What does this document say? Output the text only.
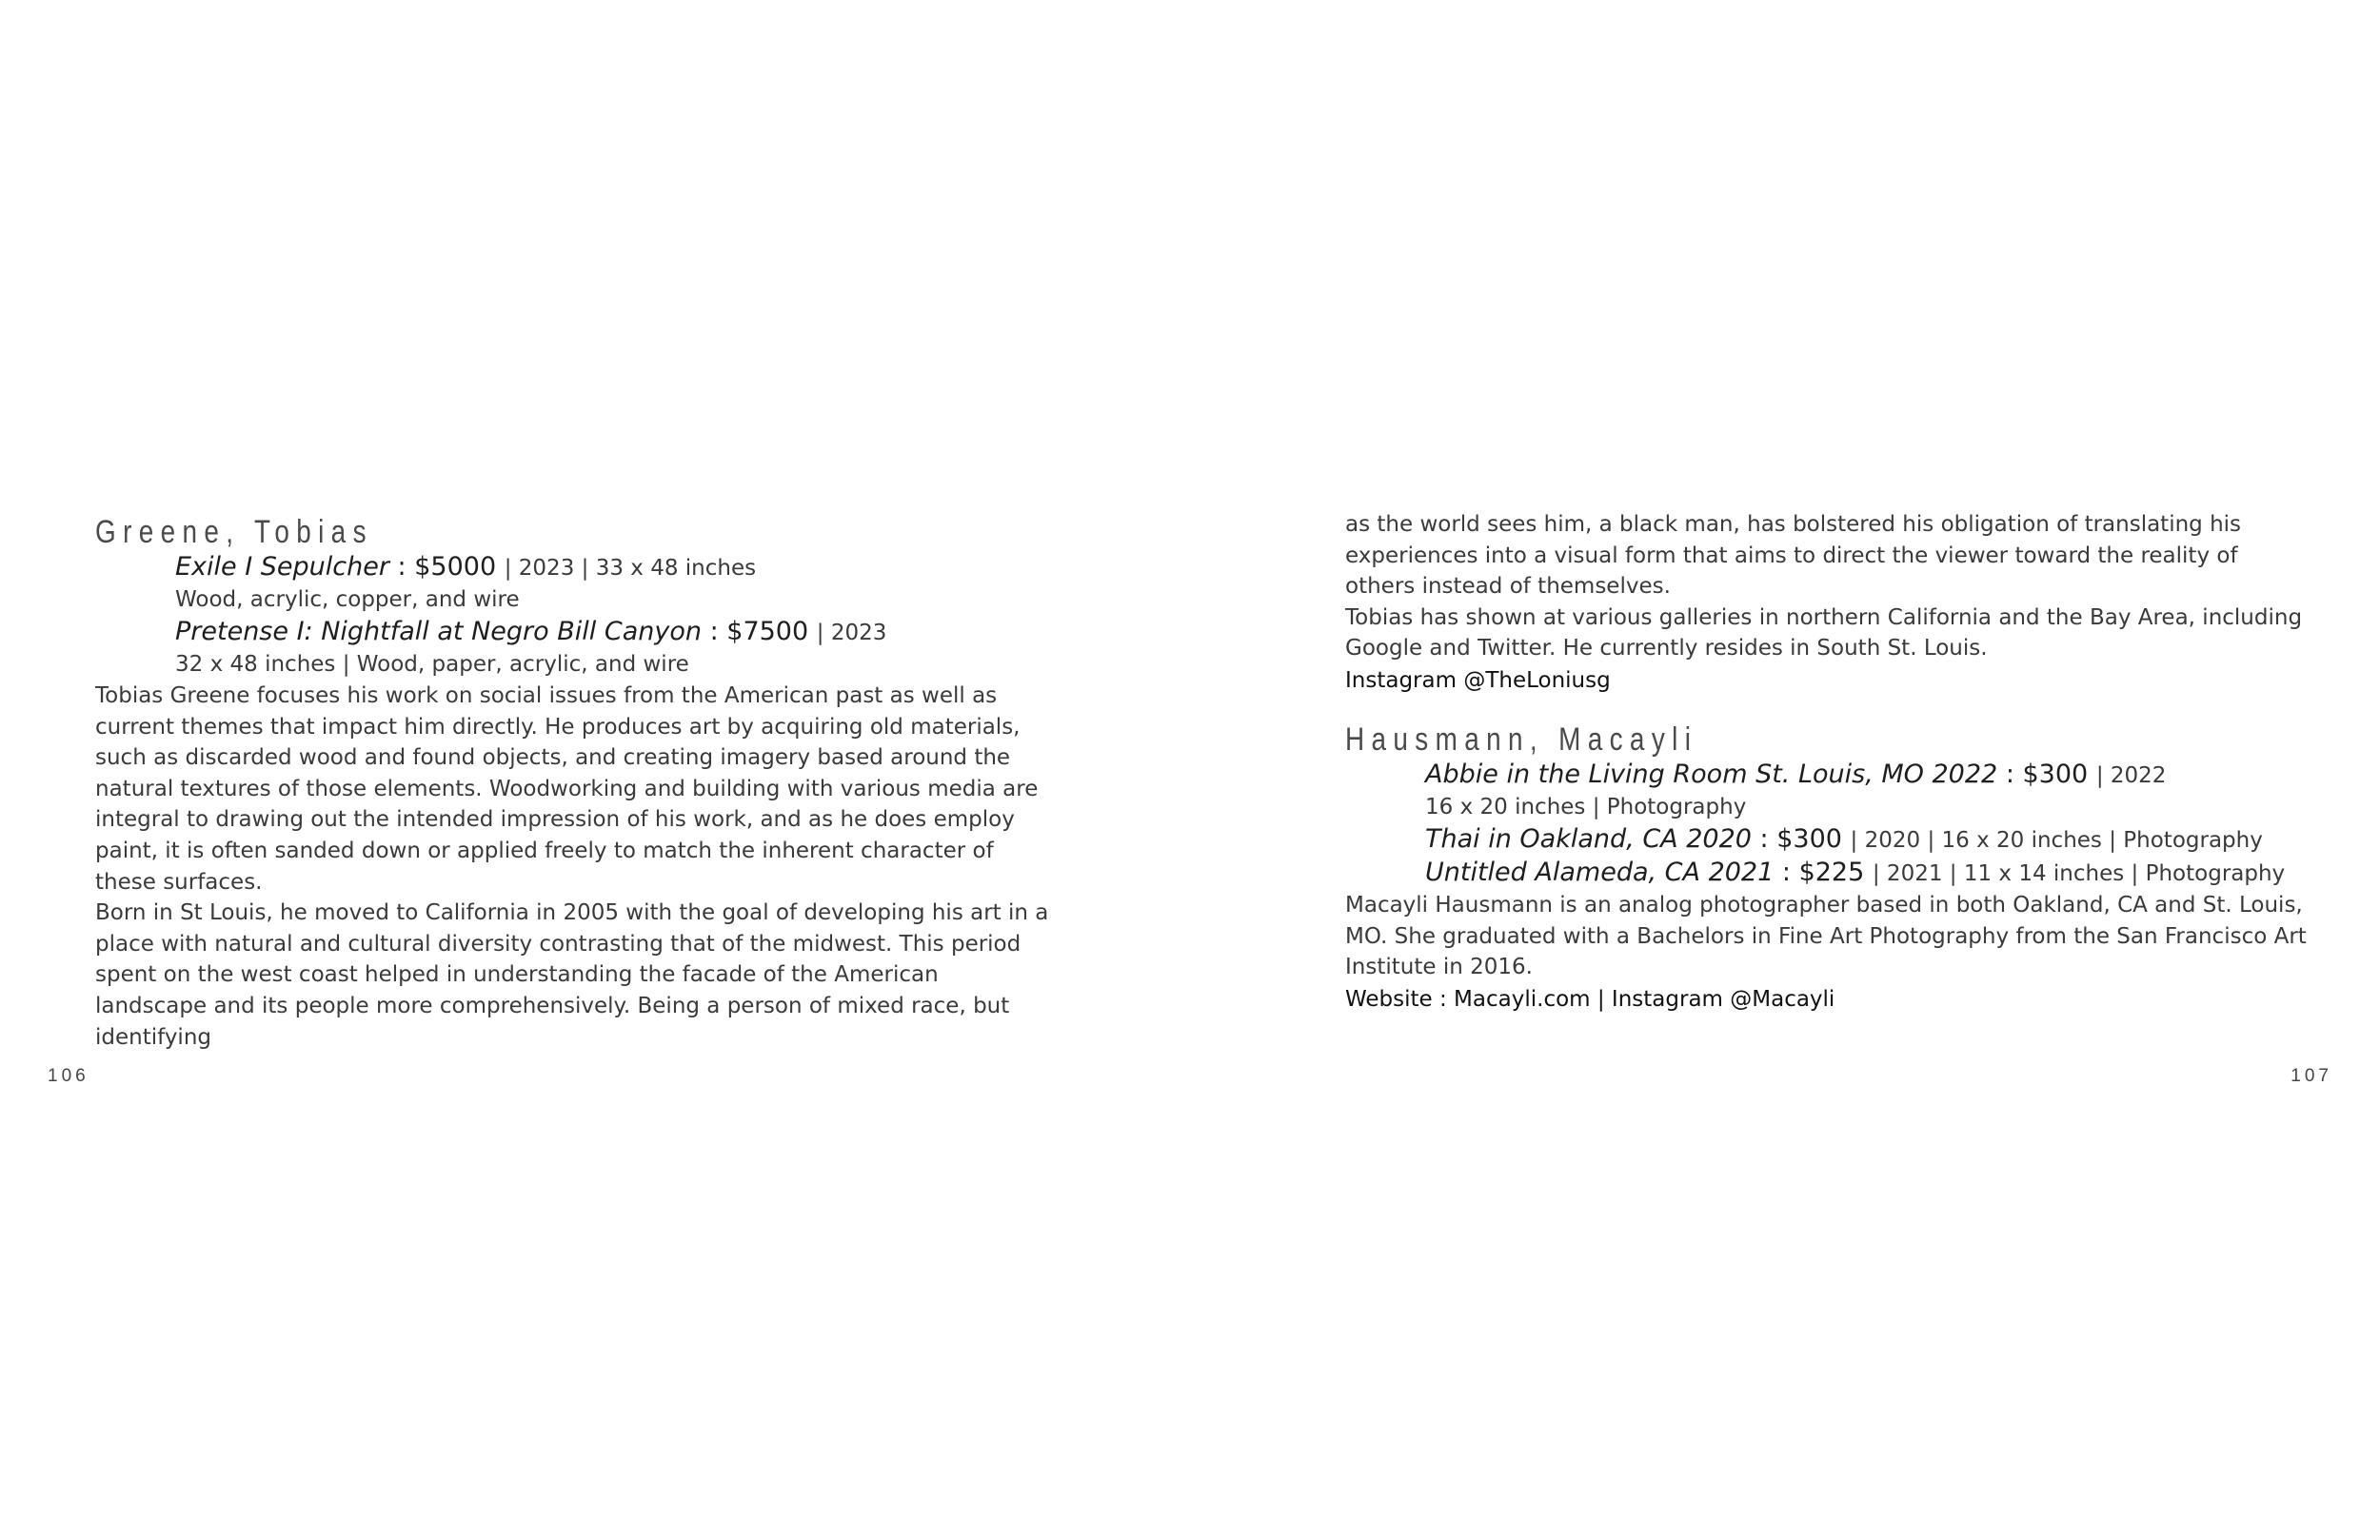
Greene, Tobias
Exile I Sepulcher : $5000 | 2023 | 33 x 48 inches
Wood, acrylic, copper, and wire
Pretense I: Nightfall at Negro Bill Canyon : $7500 | 2023
32 x 48 inches | Wood, paper, acrylic, and wire

Tobias Greene focuses his work on social issues from the American past as well as current themes that impact him directly. He produces art by acquiring old materials, such as discarded wood and found objects, and creating imagery based around the natural textures of those elements. Woodworking and building with various media are integral to drawing out the intended impression of his work, and as he does employ paint, it is often sanded down or applied freely to match the inherent character of these surfaces.

Born in St Louis, he moved to California in 2005 with the goal of developing his art in a place with natural and cultural diversity contrasting that of the midwest. This period spent on the west coast helped in understanding the facade of the American landscape and its people more comprehensively. Being a person of mixed race, but identifying

106

as the world sees him, a black man, has bolstered his obligation of translating his experiences into a visual form that aims to direct the viewer toward the reality of others instead of themselves.

Tobias has shown at various galleries in northern California and the Bay Area, including Google and Twitter. He currently resides in South St. Louis.

Instagram @TheLoniusg

Hausmann, Macayli
Abbie in the Living Room St. Louis, MO 2022 : $300 | 2022
16 x 20 inches | Photography
Thai in Oakland, CA 2020 : $300 | 2020 | 16 x 20 inches | Photography
Untitled Alameda, CA 2021 : $225 | 2021 | 11 x 14 inches | Photography

Macayli Hausmann is an analog photographer based in both Oakland, CA and St. Louis, MO. She graduated with a Bachelors in Fine Art Photography from the San Francisco Art Institute in 2016.

Website : Macayli.com | Instagram @Macayli

107
